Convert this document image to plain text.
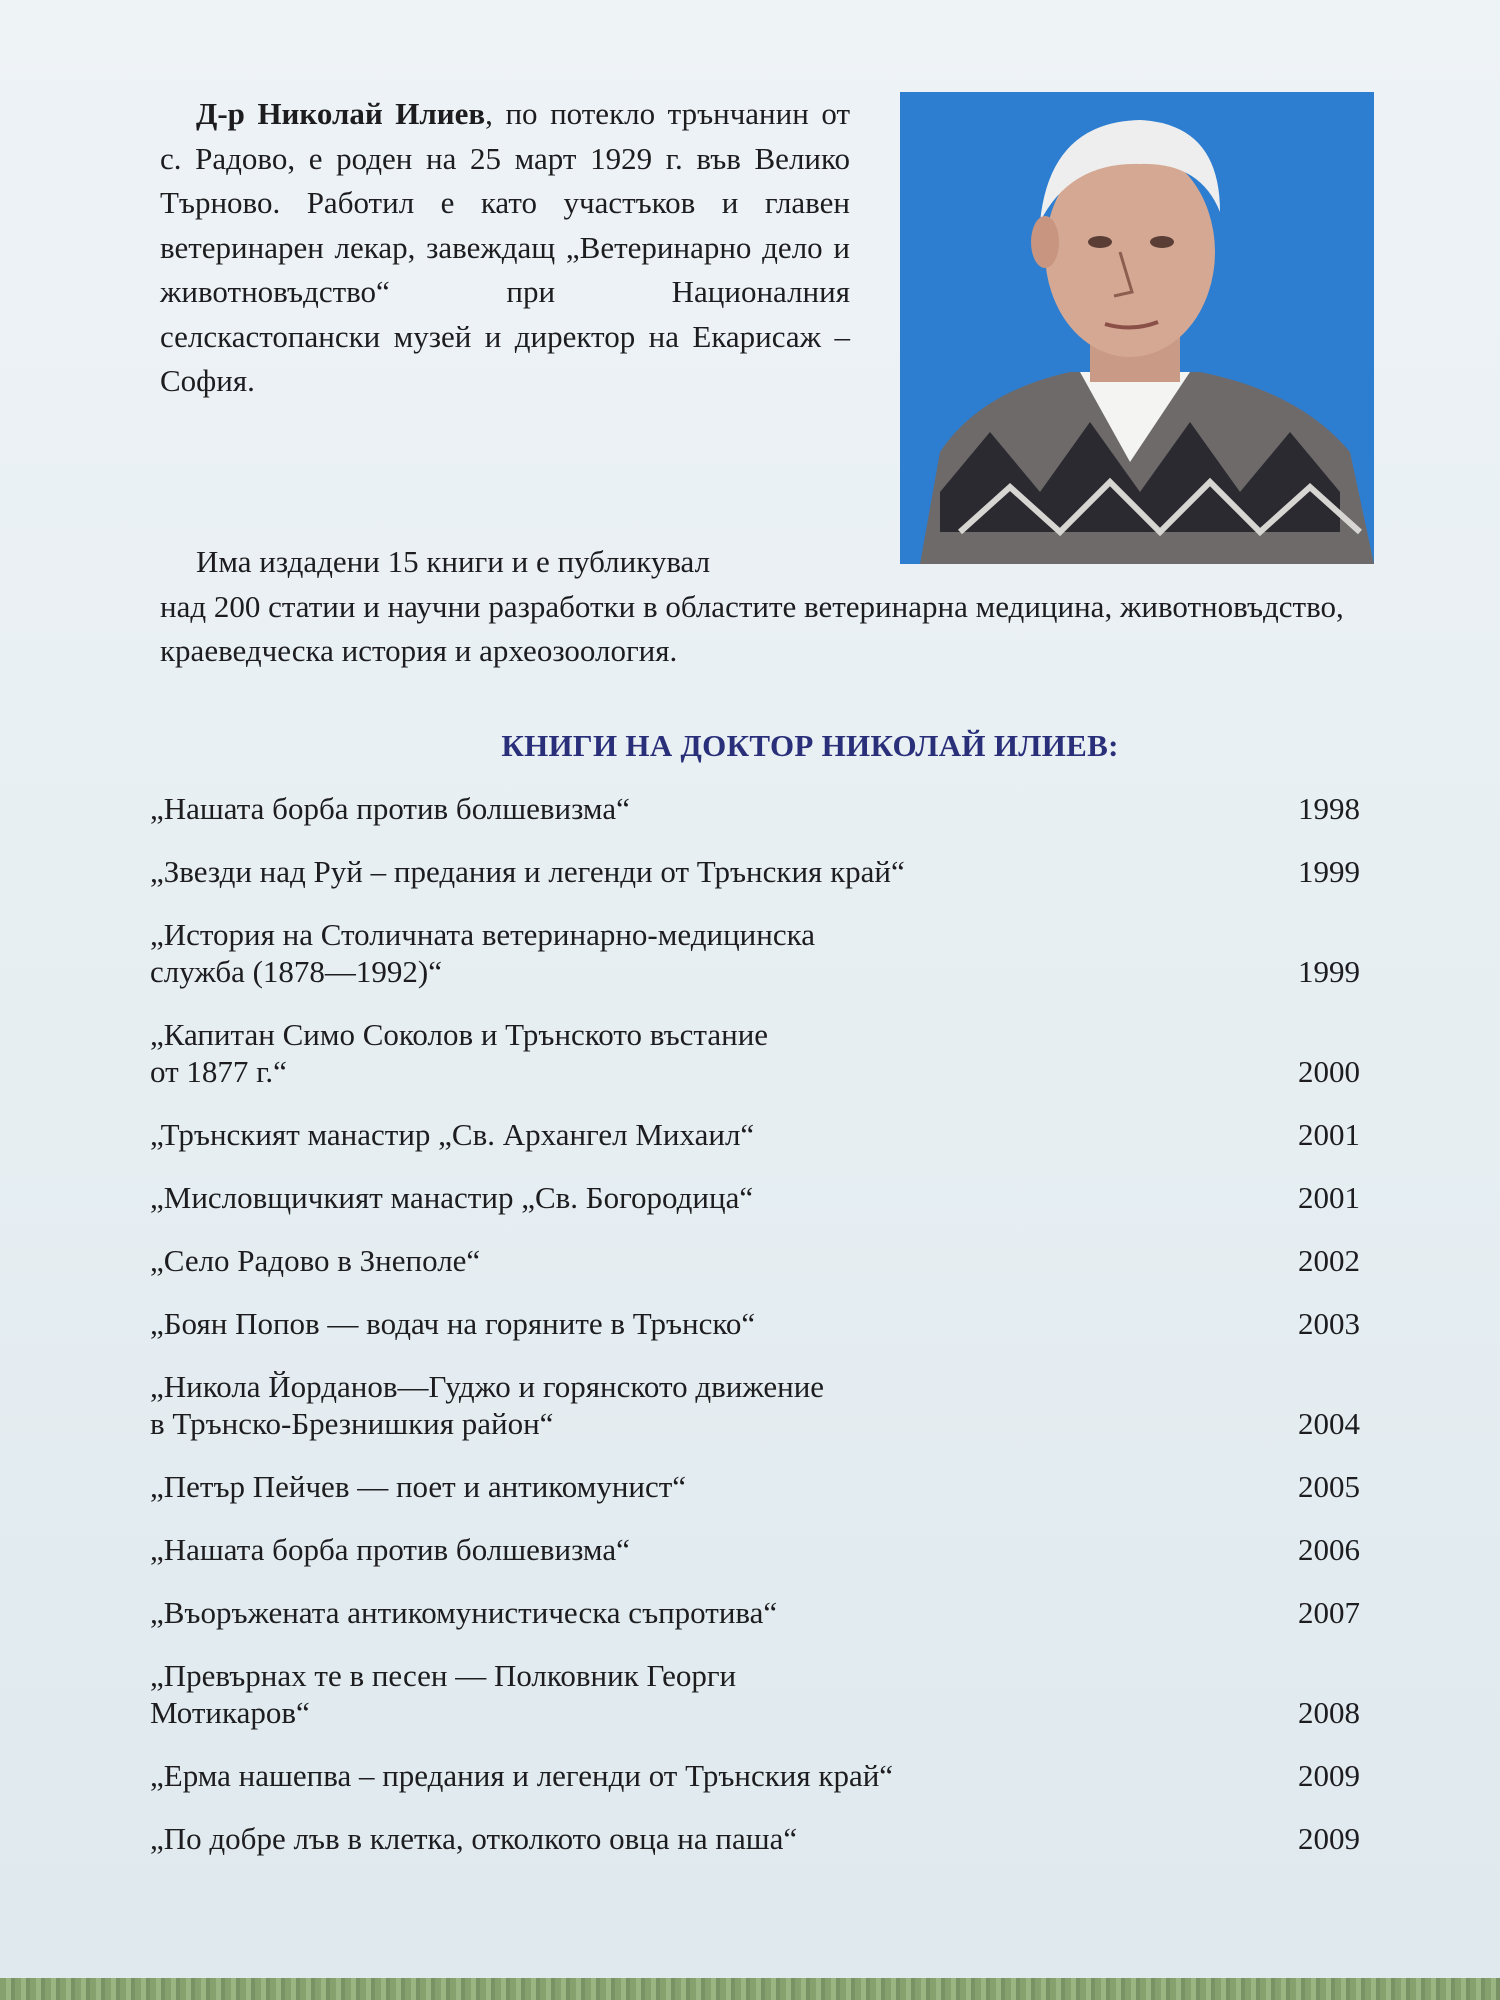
Д-р Николай Илиев, по потекло трънчанин от с. Радово, е роден на 25 март 1929 г. във Велико Търново. Работил е като участъков и главен ветеринарен лекар, завеждащ „Ветеринарно дело и животновъдство“ при Националния селскастопански музей и директор на Екарисаж – София.

Има издадени 15 книги и е публикувал
над 200 статии и научни разработки в областите ветеринарна медицина, животновъдство, краеведческа история и археозоология.
КНИГИ НА ДОКТОР НИКОЛАЙ ИЛИЕВ:
„Нашата борба против болшевизма“	1998
„Звезди над Руй – предания и легенди от Трънския край“	1999
„История на Столичната ветеринарно-медицинска
служба (1878—1992)“	1999
„Капитан Симо Соколов и Трънското въстание
от 1877 г.“	2000
„Трънският манастир „Св. Архангел Михаил“	2001
„Мисловщичкият манастир „Св. Богородица“	2001
„Село Радово в Знеполе“	2002
„Боян Попов — водач на горяните в Трънско“	2003
„Никола Йорданов—Гуджо и горянското движение
в Трънско-Брезнишкия район“	2004
„Петър Пейчев — поет и антикомунист“	2005
„Нашата борба против болшевизма“	2006
„Въоръжената антикомунистическа съпротива“	2007
„Превърнах те в песен — Полковник Георги
Мотикаров“	2008
„Ерма нашепва – предания и легенди от Трънския край“	2009
„По добре лъв в клетка, отколкото овца на паша“	2009
